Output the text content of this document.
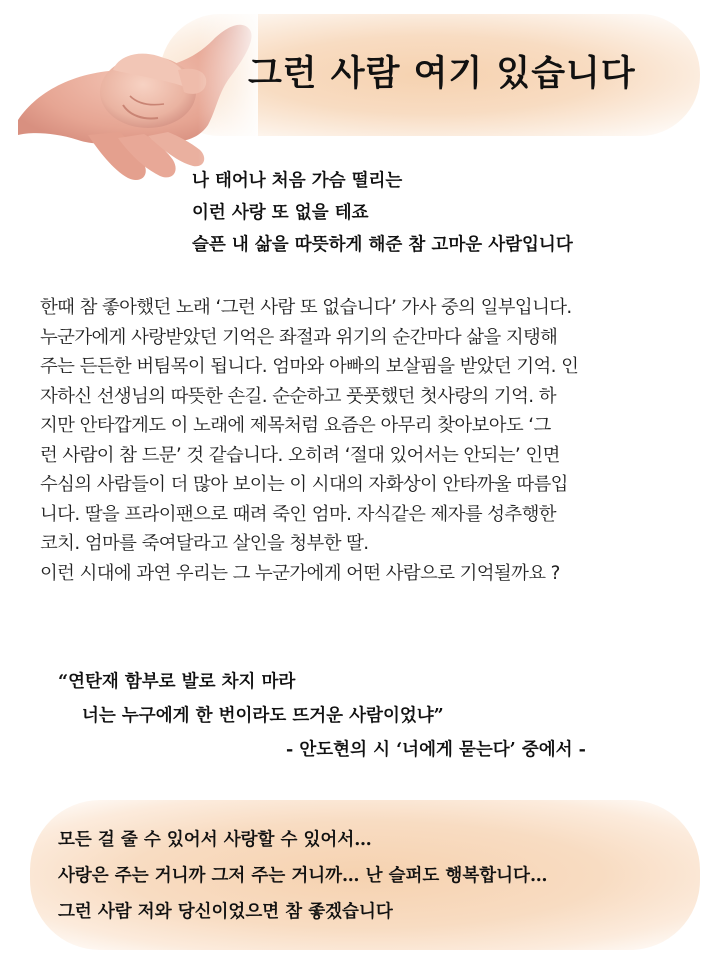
그런 사람 여기 있습니다
나 태어나 처음 가슴 떨리는
이런 사랑 또 없을 테죠
슬픈 내 삶을 따뜻하게 해준 참 고마운 사람입니다
한때 참 좋아했던 노래 ‘그런 사람 또 없습니다’ 가사 중의 일부입니다.
누군가에게 사랑받았던 기억은 좌절과 위기의 순간마다 삶을 지탱해
주는 든든한 버팀목이 됩니다. 엄마와 아빠의 보살핌을 받았던 기억. 인
자하신 선생님의 따뜻한 손길. 순순하고 풋풋했던 첫사랑의 기억. 하
지만 안타깝게도 이 노래에 제목처럼 요즘은 아무리 찾아보아도 ‘그
런 사람이 참 드문’ 것 같습니다. 오히려 ‘절대 있어서는 안되는’ 인면
수심의 사람들이 더 많아 보이는 이 시대의 자화상이 안타까울 따름입
니다. 딸을 프라이팬으로 때려 죽인 엄마. 자식같은 제자를 성추행한
코치. 엄마를 죽여달라고 살인을 청부한 딸.
이런 시대에 과연 우리는 그 누군가에게 어떤 사람으로 기억될까요 ?
“연탄재 함부로 발로 차지 마라
너는 누구에게 한 번이라도 뜨거운 사람이었냐”
- 안도현의 시 ‘너에게 묻는다’ 중에서 -
모든 걸 줄 수 있어서 사랑할 수 있어서…
사랑은 주는 거니까 그저 주는 거니까… 난 슬퍼도 행복합니다…
그런 사람 저와 당신이었으면 참 좋겠습니다
